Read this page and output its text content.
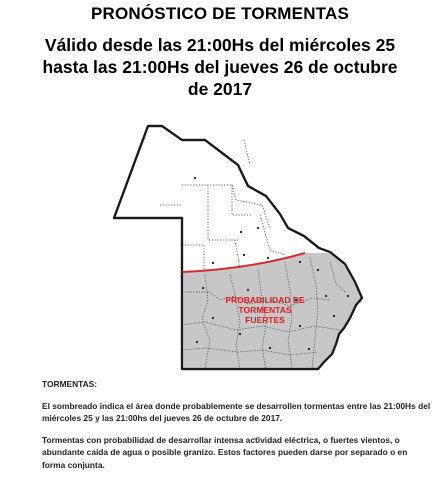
PRONÓSTICO DE TORMENTAS
Válido desde las 21:00Hs del miércoles 25
hasta las 21:00Hs del jueves 26 de octubre
de 2017
PROBABILIDAD DE
TORMENTAS
FUERTES

TORMENTAS:

El sombreado indica el área donde probablemente se desarrollen tormentas entre las 21:00Hs del miércoles 25 y las 21:00hs del jueves 26 de octubre de 2017.

Tormentas con probabilidad de desarrollar intensa actividad eléctrica, o fuertes vientos, o abundante caída de agua o posible granizo. Estos factores pueden darse por separado o en forma conjunta.
